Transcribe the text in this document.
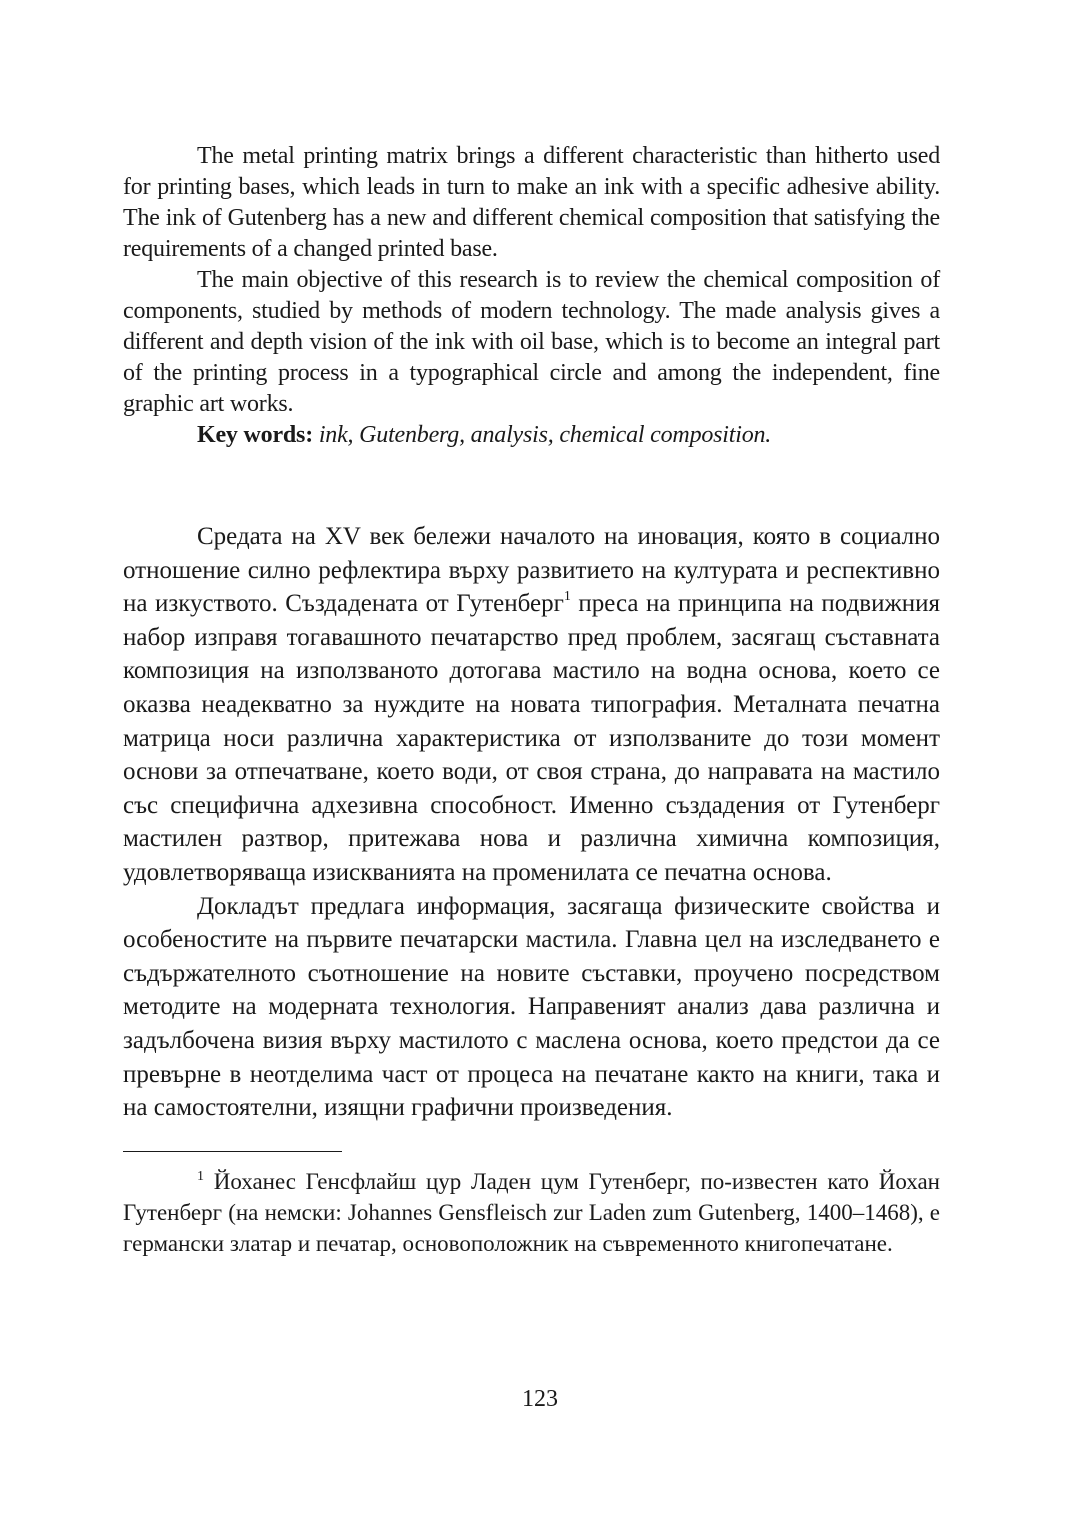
The metal printing matrix brings a different characteristic than hitherto used for printing bases, which leads in turn to make an ink with a specific adhesive ability. The ink of Gutenberg has a new and different chemical composition that satisfying the requirements of a changed printed base.

The main objective of this research is to review the chemical composition of components, studied by methods of modern technology. The made analysis gives a different and depth vision of the ink with oil base, which is to become an integral part of the printing process in a typographical circle and among the independent, fine graphic art works.

Key words: ink, Gutenberg, analysis, chemical composition.

Средата на XV век бележи началото на иновация, която в социално отношение силно рефлектира върху развитието на културата и респективно на изкуството. Създадената от Гутенберг$^1$ преса на принципа на подвижния набор изправя тогавашното печатарство пред проблем, засягащ съставната композиция на използваното дотогава мастило на водна основа, което се оказва неадекватно за нуждите на новата типография. Металната печатна матрица носи различна характеристика от използваните до този момент основи за отпечатване, което води, от своя страна, до направата на мастило със специфична адхезивна способност. Именно създадения от Гутенберг мастилен разтвор, притежава нова и различна химична композиция, удовлетворяваща изискванията на променилата се печатна основа.

Докладът предлага информация, засягаща физическите свойства и особеностите на първите печатарски мастила. Главна цел на изследването е съдържателното съотношение на новите съставки, проучено посредством методите на модерната технология. Направеният анализ дава различна и задълбочена визия върху мастилото с маслена основа, което предстои да се превърне в неотделима част от процеса на печатане както на книги, така и на самостоятелни, изящни графични произведения.

$^1$ Йоханес Генсфлайш цур Ладен цум Гутенберг, по-известен като Йохан Гутенберг (на немски: Johannes Gensfleisch zur Laden zum Gutenberg, 1400–1468), е германски златар и печатар, основоположник на съвременното книгопечатане.

123
